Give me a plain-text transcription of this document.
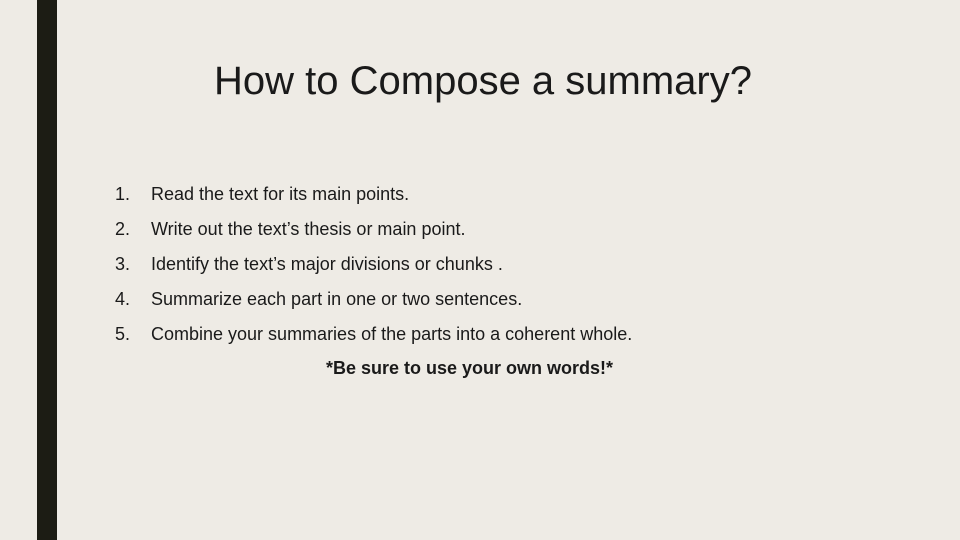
How to Compose a summary?
1.	Read the text for its main points.
2.	Write out the text’s thesis or main point.
3.	Identify the text’s major divisions or chunks .
4.	Summarize each part in one or two sentences.
5.	Combine your summaries of the parts into a coherent whole.
*Be sure to use your own words!*
